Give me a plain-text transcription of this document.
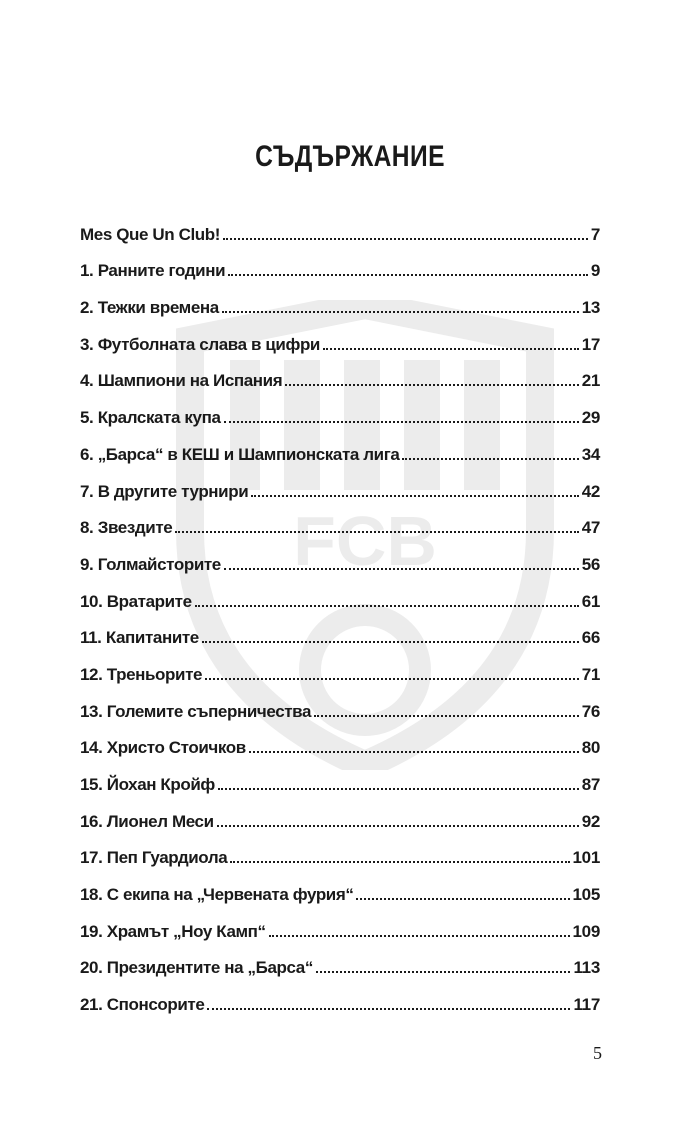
FCB
СЪДЪРЖАНИЕ
Mes Que Un Club!	7
1. Ранните години	9
2. Тежки времена	13
3. Футболната слава в цифри	17
4. Шампиони на Испания	21
5. Кралската купа	29
6. „Барса“ в КЕШ и Шампионската лига	34
7. В другите турнири	42
8. Звездите	47
9. Голмайсторите	56
10. Вратарите	61
11. Капитаните	66
12. Треньорите	71
13. Големите съперничества	76
14. Христо Стоичков	80
15. Йохан Кройф	87
16. Лионел Меси	92
17. Пеп Гуардиола	101
18. С екипа на „Червената фурия“	105
19. Храмът „Ноу Камп“	109
20. Президентите на „Барса“	113
21. Спонсорите	117
5
